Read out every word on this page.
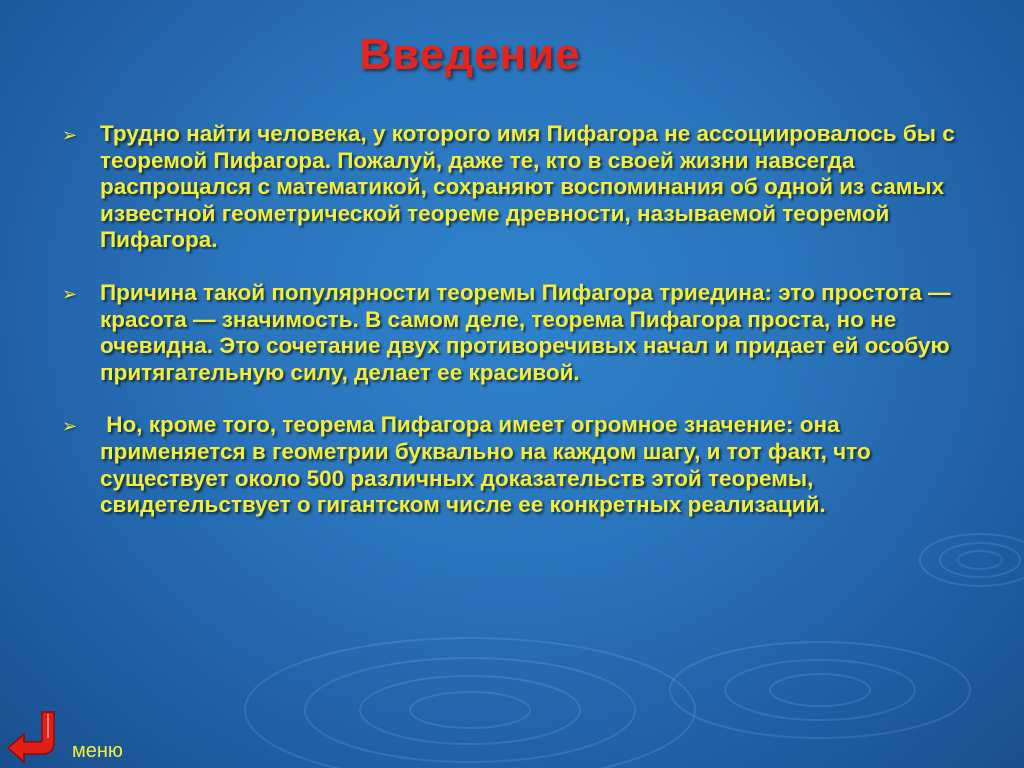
Введение
➢ Трудно найти человека, у которого имя Пифагора не ассоциировалось бы с теоремой Пифагора. Пожалуй, даже те, кто в своей жизни навсегда распрощался с математикой, сохраняют воспоминания об одной из самых известной геометрической теореме древности, называемой теоремой Пифагора.
➢ Причина такой популярности теоремы Пифагора триедина: это простота — красота — значимость. В самом деле, теорема Пифагора проста, но не очевидна. Это сочетание двух противоречивых начал и придает ей особую притягательную силу, делает ее красивой.
➢ Но, кроме того, теорема Пифагора имеет огромное значение: она применяется в геометрии буквально на каждом шагу, и тот факт, что существует около 500 различных доказательств этой теоремы, свидетельствует о гигантском числе ее конкретных реализаций.
меню
